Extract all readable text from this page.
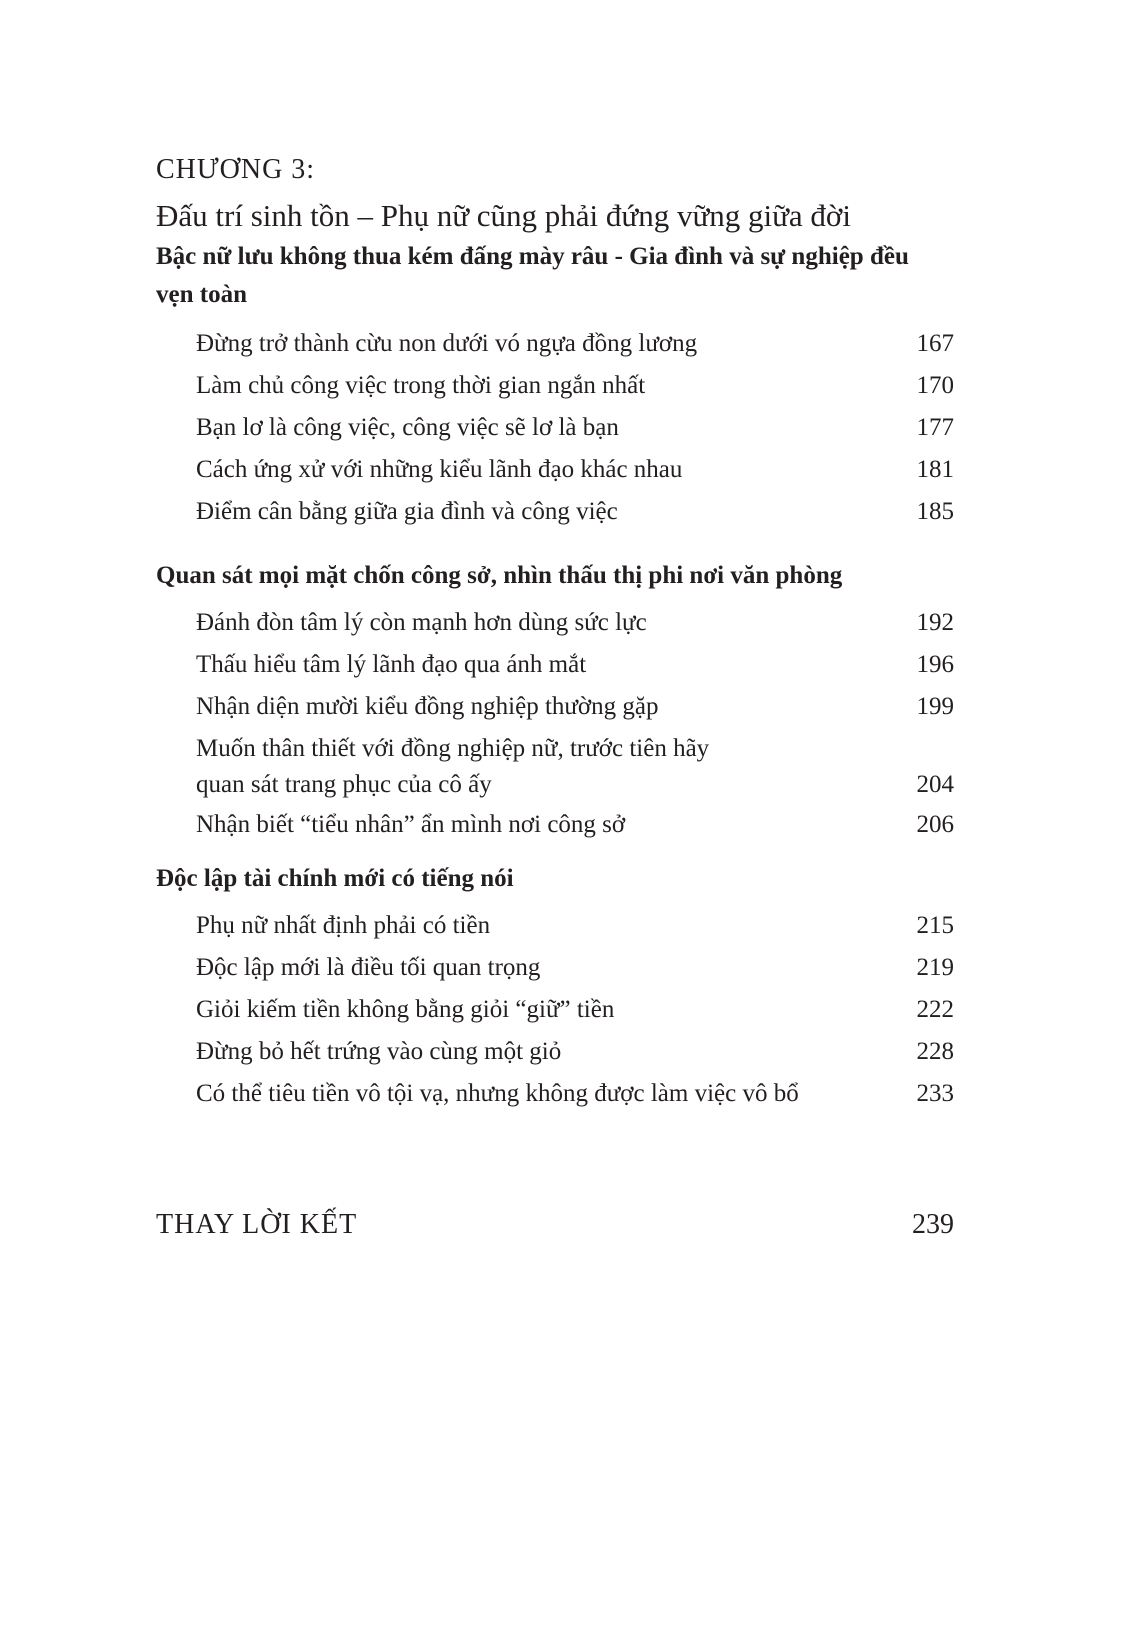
CHƯƠNG 3:
Đấu trí sinh tồn – Phụ nữ cũng phải đứng vững giữa đời
Bậc nữ lưu không thua kém đấng mày râu - Gia đình và sự nghiệp đều vẹn toàn
Đừng trở thành cừu non dưới vó ngựa đồng lương	167
Làm chủ công việc trong thời gian ngắn nhất	170
Bạn lơ là công việc, công việc sẽ lơ là bạn	177
Cách ứng xử với những kiểu lãnh đạo khác nhau	181
Điểm cân bằng giữa gia đình và công việc	185
Quan sát mọi mặt chốn công sở, nhìn thấu thị phi nơi văn phòng
Đánh đòn tâm lý còn mạnh hơn dùng sức lực	192
Thấu hiểu tâm lý lãnh đạo qua ánh mắt	196
Nhận diện mười kiểu đồng nghiệp thường gặp	199
Muốn thân thiết với đồng nghiệp nữ, trước tiên hãy quan sát trang phục của cô ấy	204
Nhận biết “tiểu nhân” ẩn mình nơi công sở	206
Độc lập tài chính mới có tiếng nói
Phụ nữ nhất định phải có tiền	215
Độc lập mới là điều tối quan trọng	219
Giỏi kiếm tiền không bằng giỏi “giữ” tiền	222
Đừng bỏ hết trứng vào cùng một giỏ	228
Có thể tiêu tiền vô tội vạ, nhưng không được làm việc vô bổ	233
THAY LỜI KẾT	239
